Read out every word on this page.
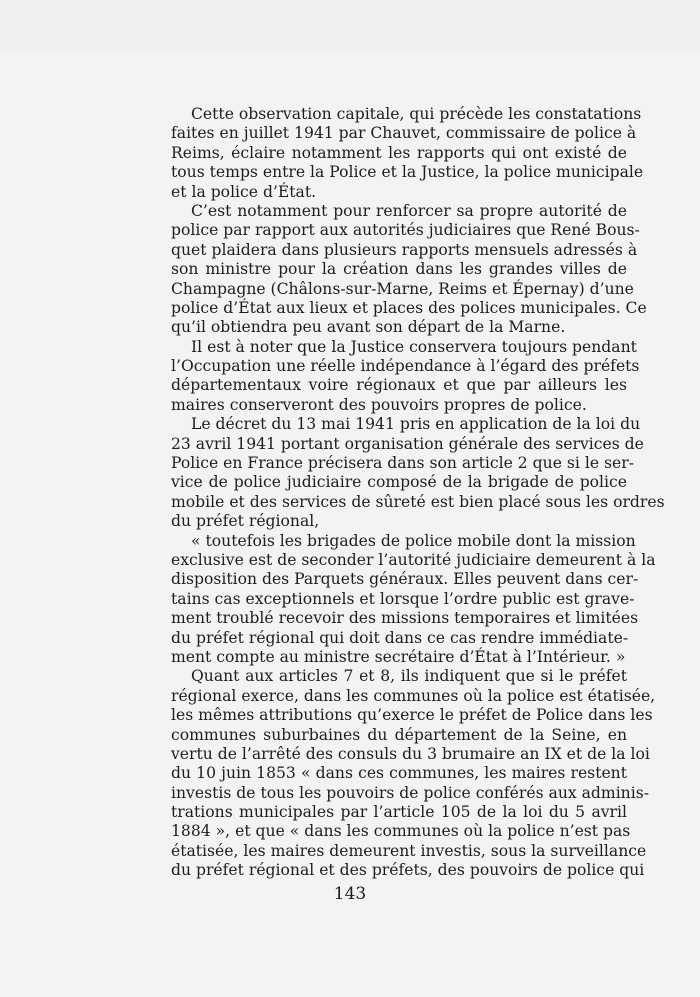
Cette observation capitale, qui précède les constatations
faites en juillet 1941 par Chauvet, commissaire de police à
Reims, éclaire notamment les rapports qui ont existé de
tous temps entre la Police et la Justice, la police municipale
et la police d’État.
C’est notamment pour renforcer sa propre autorité de
police par rapport aux autorités judiciaires que René Bous-
quet plaidera dans plusieurs rapports mensuels adressés à
son ministre pour la création dans les grandes villes de
Champagne (Châlons-sur-Marne, Reims et Épernay) d’une
police d’État aux lieux et places des polices municipales. Ce
qu’il obtiendra peu avant son départ de la Marne.
Il est à noter que la Justice conservera toujours pendant
l’Occupation une réelle indépendance à l’égard des préfets
départementaux voire régionaux et que par ailleurs les
maires conserveront des pouvoirs propres de police.
Le décret du 13 mai 1941 pris en application de la loi du
23 avril 1941 portant organisation générale des services de
Police en France précisera dans son article 2 que si le ser-
vice de police judiciaire composé de la brigade de police
mobile et des services de sûreté est bien placé sous les ordres
du préfet régional,
« toutefois les brigades de police mobile dont la mission
exclusive est de seconder l’autorité judiciaire demeurent à la
disposition des Parquets généraux. Elles peuvent dans cer-
tains cas exceptionnels et lorsque l’ordre public est grave-
ment troublé recevoir des missions temporaires et limitées
du préfet régional qui doit dans ce cas rendre immédiate-
ment compte au ministre secrétaire d’État à l’Intérieur. »
Quant aux articles 7 et 8, ils indiquent que si le préfet
régional exerce, dans les communes où la police est étatisée,
les mêmes attributions qu’exerce le préfet de Police dans les
communes suburbaines du département de la Seine, en
vertu de l’arrêté des consuls du 3 brumaire an IX et de la loi
du 10 juin 1853 « dans ces communes, les maires restent
investis de tous les pouvoirs de police conférés aux adminis-
trations municipales par l’article 105 de la loi du 5 avril
1884 », et que « dans les communes où la police n’est pas
étatisée, les maires demeurent investis, sous la surveillance
du préfet régional et des préfets, des pouvoirs de police qui
143
